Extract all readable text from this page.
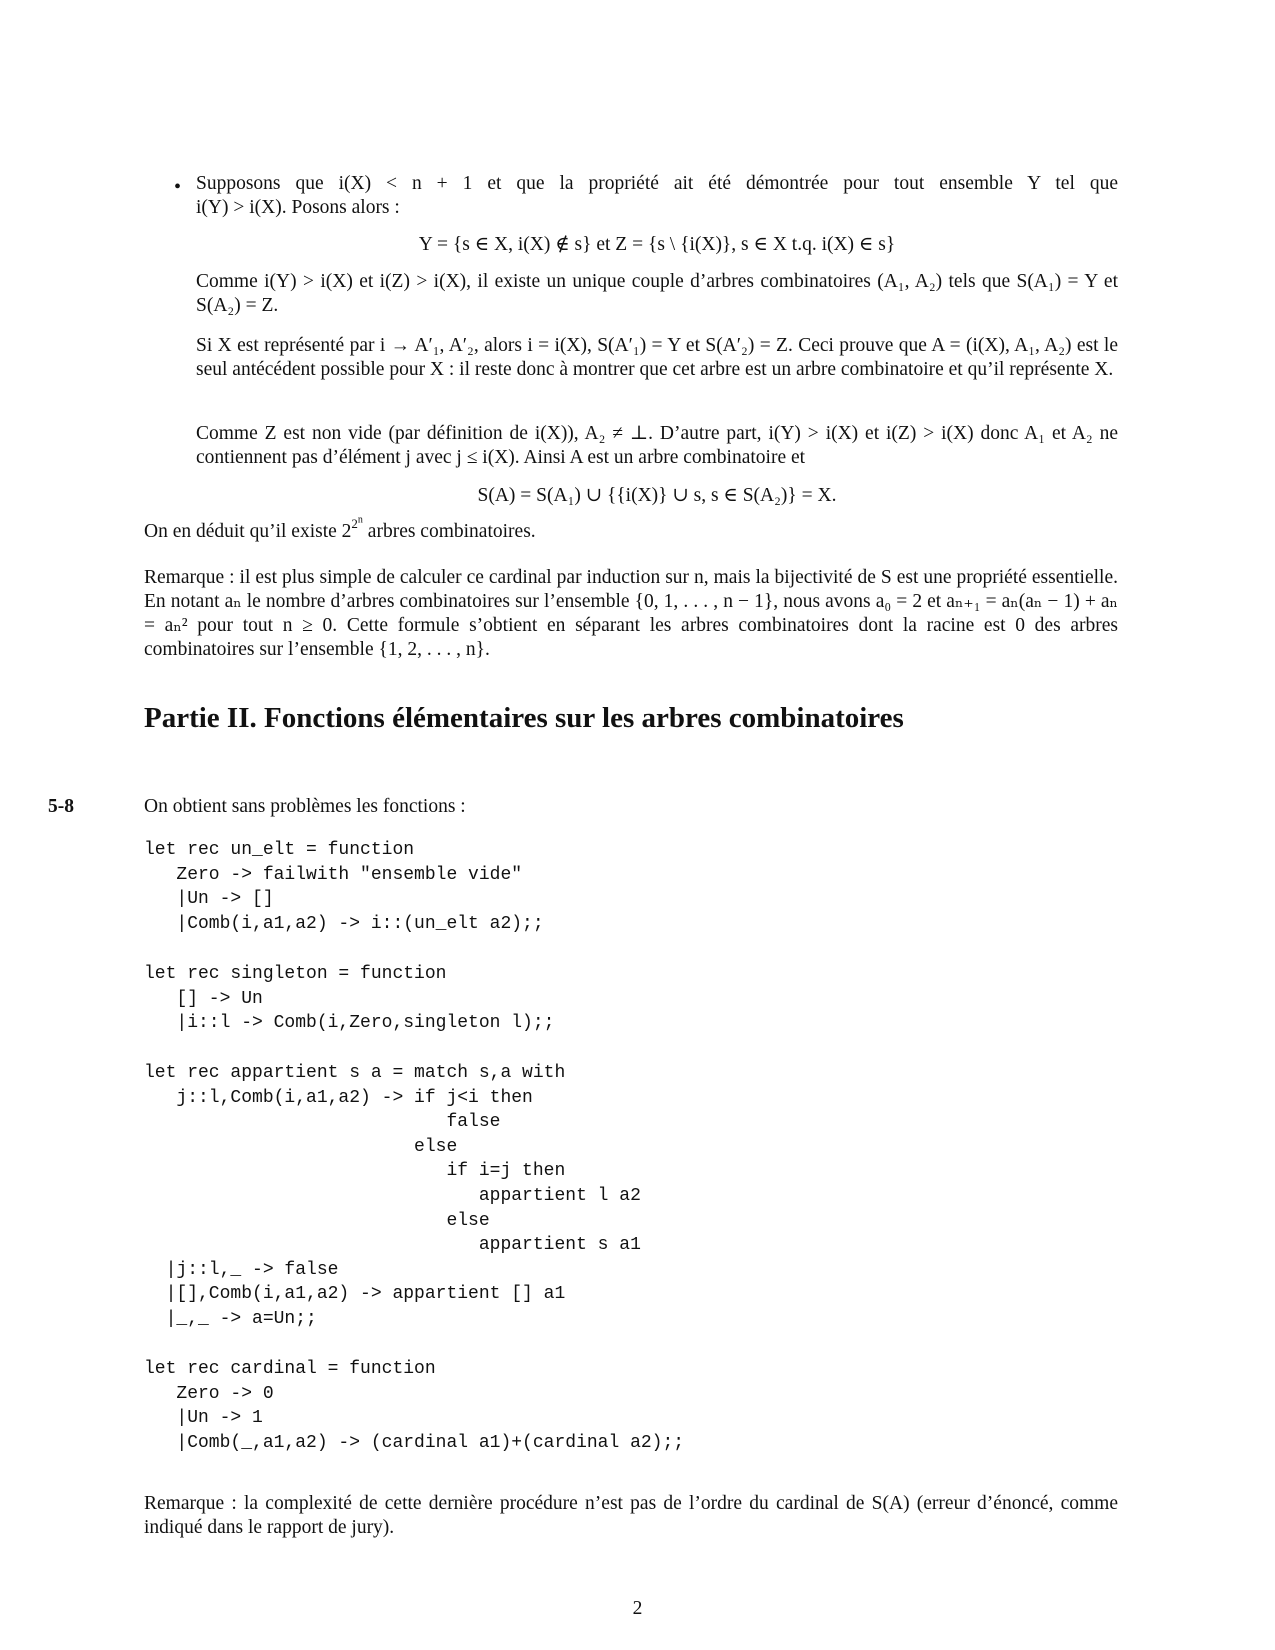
• Supposons que i(X) < n + 1 et que la propriété ait été démontrée pour tout ensemble Y tel que
i(Y) > i(X). Posons alors :
Y = {s ∈ X, i(X) ∉ s} et Z = {s \ {i(X)}, s ∈ X t.q. i(X) ∈ s}

Comme i(Y) > i(X) et i(Z) > i(X), il existe un unique couple d’arbres combinatoires (A₁, A₂) tels que S(A₁) = Y et S(A₂) = Z.

Si X est représenté par i → A′₁, A′₂, alors i = i(X), S(A′₁) = Y et S(A′₂) = Z. Ceci prouve que A = (i(X), A₁, A₂) est le seul antécédent possible pour X : il reste donc à montrer que cet arbre est un arbre combinatoire et qu’il représente X.

Comme Z est non vide (par définition de i(X)), A₂ ≠ ⊥. D’autre part, i(Y) > i(X) et i(Z) > i(X) donc A₁ et A₂ ne contiennent pas d’élément j avec j ≤ i(X). Ainsi A est un arbre combinatoire et

S(A) = S(A₁) ∪ {{i(X)} ∪ s, s ∈ S(A₂)} = X.

On en déduit qu’il existe $2^{2^n}$ arbres combinatoires.

Remarque : il est plus simple de calculer ce cardinal par induction sur n, mais la bijectivité de S est une propriété essentielle. En notant aₙ le nombre d’arbres combinatoires sur l’ensemble {0, 1, . . . , n − 1}, nous avons a₀ = 2 et aₙ₊₁ = aₙ(aₙ − 1) + aₙ = aₙ² pour tout n ≥ 0. Cette formule s’obtient en séparant les arbres combinatoires dont la racine est 0 des arbres combinatoires sur l’ensemble {1, 2, . . . , n}.

Partie II. Fonctions élémentaires sur les arbres combinatoires
5-8	On obtient sans problèmes les fonctions :

let rec un_elt = function
Zero -> failwith "ensemble vide"
|Un -> []
|Comb(i,a1,a2) -> i::(un_elt a2);;
let rec singleton = function
[] -> Un
|i::l -> Comb(i,Zero,singleton l);;
let rec appartient s a = match s,a with
j::l,Comb(i,a1,a2) -> if j<i then
false
else
if i=j then
appartient l a2
else
appartient s a1
|j::l,_ -> false
|[],Comb(i,a1,a2) -> appartient [] a1
|_,_ -> a=Un;;
let rec cardinal = function
Zero -> 0
|Un -> 1
|Comb(_,a1,a2) -> (cardinal a1)+(cardinal a2);;

Remarque : la complexité de cette dernière procédure n’est pas de l’ordre du cardinal de S(A) (erreur d’énoncé, comme indiqué dans le rapport de jury).

2
